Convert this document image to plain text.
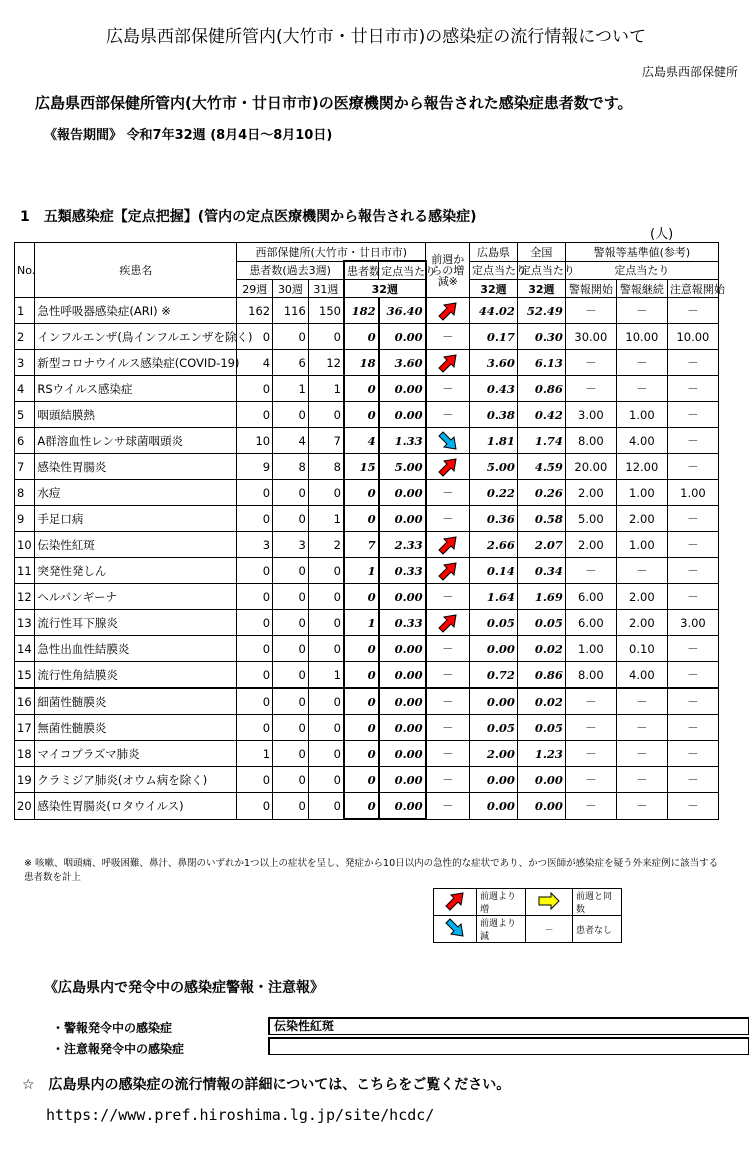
広島県西部保健所管内(大竹市・廿日市市)の感染症の流行情報について
広島県西部保健所
広島県西部保健所管内(大竹市・廿日市市)の医療機関から報告された感染症患者数です。
《報告期間》 令和7年32週 (8月4日～8月10日)
1　五類感染症【定点把握】(管内の定点医療機関から報告される感染症)
(人)
No.	疾患名	西部保健所(大竹市・廿日市市)					前週からの増減※	広島県	全国	警報等基準値(参考)		
		患者数(過去3週)			患者数	定点当たり		定点当たり	定点当たり	定点当たり		
		29週	30週	31週	32週			32週	32週	警報開始	警報継続	注意報開始
1	急性呼吸器感染症(ARI) ※	162	116	150	182	36.40		44.02	52.49	－	－	－
2	インフルエンザ(鳥インフルエンザを除く)	0	0	0	0	0.00	－	0.17	0.30	30.00	10.00	10.00
3	新型コロナウイルス感染症(COVID-19)	4	6	12	18	3.60		3.60	6.13	－	－	－
4	RSウイルス感染症	0	1	1	0	0.00	－	0.43	0.86	－	－	－
5	咽頭結膜熱	0	0	0	0	0.00	－	0.38	0.42	3.00	1.00	－
6	A群溶血性レンサ球菌咽頭炎	10	4	7	4	1.33		1.81	1.74	8.00	4.00	－
7	感染性胃腸炎	9	8	8	15	5.00		5.00	4.59	20.00	12.00	－
8	水痘	0	0	0	0	0.00	－	0.22	0.26	2.00	1.00	1.00
9	手足口病	0	0	1	0	0.00	－	0.36	0.58	5.00	2.00	－
10	伝染性紅斑	3	3	2	7	2.33		2.66	2.07	2.00	1.00	－
11	突発性発しん	0	0	0	1	0.33		0.14	0.34	－	－	－
12	ヘルパンギーナ	0	0	0	0	0.00	－	1.64	1.69	6.00	2.00	－
13	流行性耳下腺炎	0	0	0	1	0.33		0.05	0.05	6.00	2.00	3.00
14	急性出血性結膜炎	0	0	0	0	0.00	－	0.00	0.02	1.00	0.10	－
15	流行性角結膜炎	0	0	1	0	0.00	－	0.72	0.86	8.00	4.00	－
16	細菌性髄膜炎	0	0	0	0	0.00	－	0.00	0.02	－	－	－
17	無菌性髄膜炎	0	0	0	0	0.00	－	0.05	0.05	－	－	－
18	マイコプラズマ肺炎	1	0	0	0	0.00	－	2.00	1.23	－	－	－
19	クラミジア肺炎(オウム病を除く)	0	0	0	0	0.00	－	0.00	0.00	－	－	－
20	感染性胃腸炎(ロタウイルス)	0	0	0	0	0.00	－	0.00	0.00	－	－	－
※ 咳嗽、咽頭痛、呼吸困難、鼻汁、鼻閉のいずれか1つ以上の症状を呈し、発症から10日以内の急性的な症状であり、かつ医師が感染症を疑う外来症例に該当する患者数を計上
	前週より増		前週と同数
	前週より減	－	患者なし
《広島県内で発令中の感染症警報・注意報》
・警報発令中の感染症	伝染性紅斑
・注意報発令中の感染症
☆　広島県内の感染症の流行情報の詳細については、こちらをご覧ください。
https://www.pref.hiroshima.lg.jp/site/hcdc/
